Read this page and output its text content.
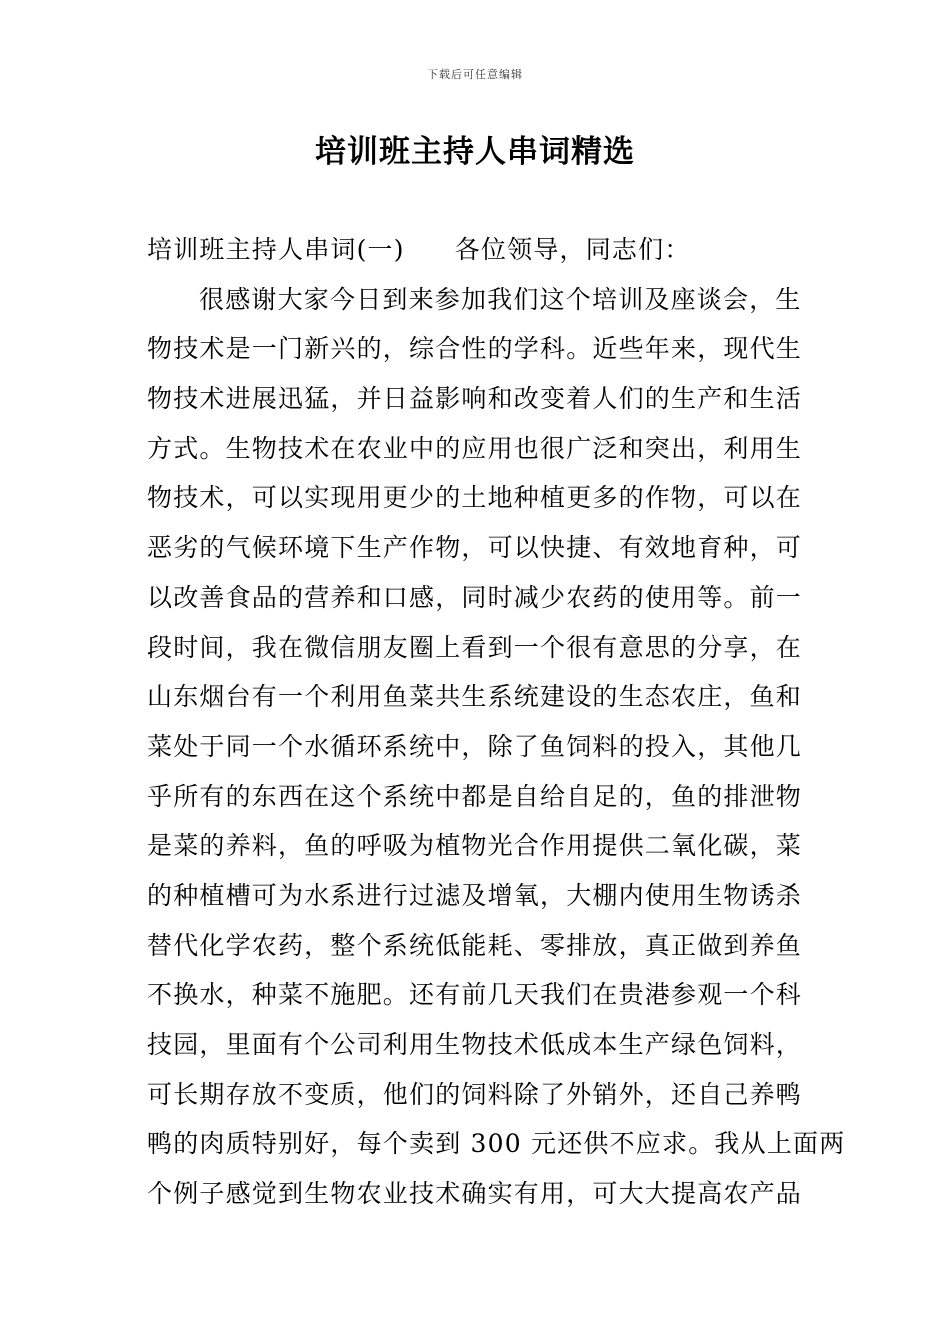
下载后可任意编辑
培训班主持人串词精选
培训班主持人串词(一) 各位领导，同志们：
很感谢大家今日到来参加我们这个培训及座谈会，生
物技术是一门新兴的，综合性的学科。近些年来，现代生
物技术进展迅猛，并日益影响和改变着人们的生产和生活
方式。生物技术在农业中的应用也很广泛和突出，利用生
物技术，可以实现用更少的土地种植更多的作物，可以在
恶劣的气候环境下生产作物，可以快捷、有效地育种，可
以改善食品的营养和口感，同时减少农药的使用等。前一
段时间，我在微信朋友圈上看到一个很有意思的分享，在
山东烟台有一个利用鱼菜共生系统建设的生态农庄，鱼和
菜处于同一个水循环系统中，除了鱼饲料的投入，其他几
乎所有的东西在这个系统中都是自给自足的，鱼的排泄物
是菜的养料，鱼的呼吸为植物光合作用提供二氧化碳，菜
的种植槽可为水系进行过滤及增氧，大棚内使用生物诱杀
替代化学农药，整个系统低能耗、零排放，真正做到养鱼
不换水，种菜不施肥。还有前几天我们在贵港参观一个科
技园，里面有个公司利用生物技术低成本生产绿色饲料，
可长期存放不变质，他们的饲料除了外销外，还自己养鸭
鸭的肉质特别好，每个卖到 300 元还供不应求。我从上面两
个例子感觉到生物农业技术确实有用，可大大提高农产品
